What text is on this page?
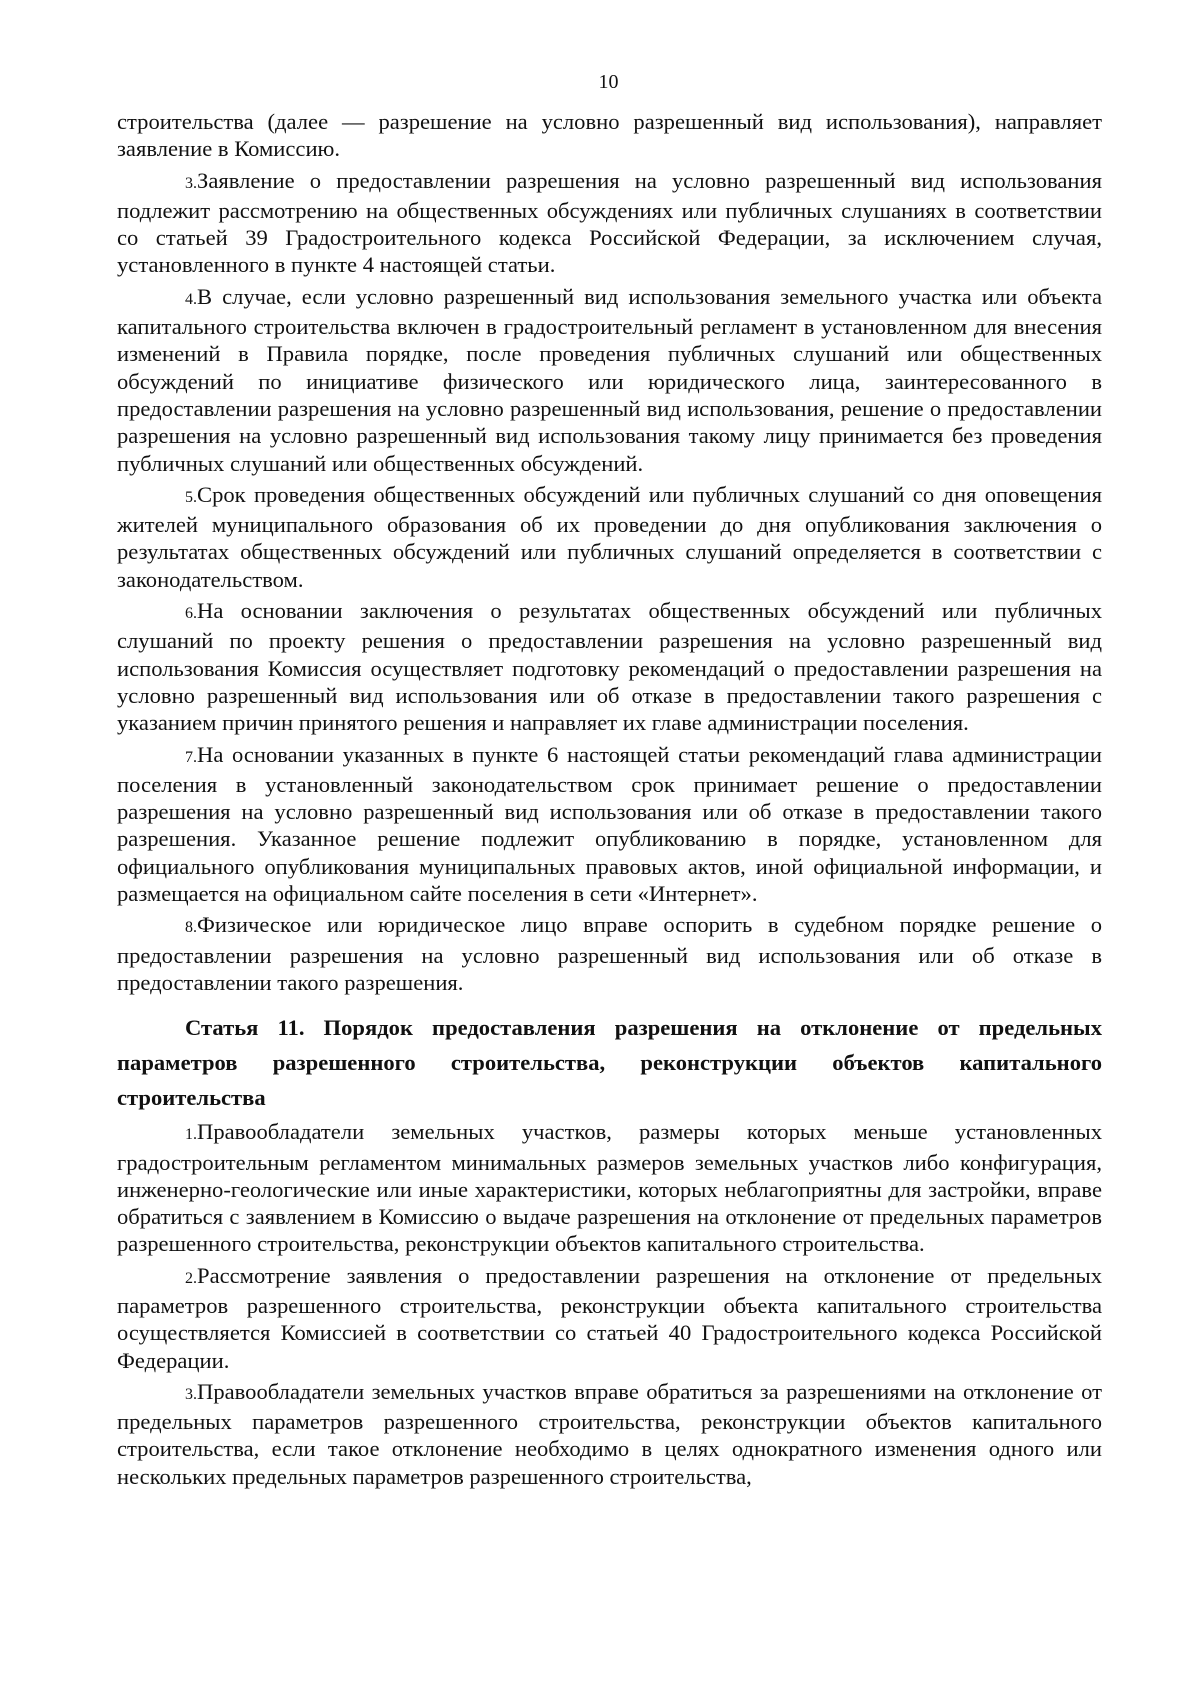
10

строительства (далее — разрешение на условно разрешенный вид использования), направляет заявление в Комиссию.

3.Заявление о предоставлении разрешения на условно разрешенный вид использования подлежит рассмотрению на общественных обсуждениях или публичных слушаниях в соответствии со статьей 39 Градостроительного кодекса Российской Федерации, за исключением случая, установленного в пункте 4 настоящей статьи.

4.В случае, если условно разрешенный вид использования земельного участка или объекта капитального строительства включен в градостроительный регламент в установленном для внесения изменений в Правила порядке, после проведения публичных слушаний или общественных обсуждений по инициативе физического или юридического лица, заинтересованного в предоставлении разрешения на условно разрешенный вид использования, решение о предоставлении разрешения на условно разрешенный вид использования такому лицу принимается без проведения публичных слушаний или общественных обсуждений.

5.Срок проведения общественных обсуждений или публичных слушаний со дня оповещения жителей муниципального образования об их проведении до дня опубликования заключения о результатах общественных обсуждений или публичных слушаний определяется в соответствии с законодательством.

6.На основании заключения о результатах общественных обсуждений или публичных слушаний по проекту решения о предоставлении разрешения на условно разрешенный вид использования Комиссия осуществляет подготовку рекомендаций о предоставлении разрешения на условно разрешенный вид использования или об отказе в предоставлении такого разрешения с указанием причин принятого решения и направляет их главе администрации поселения.

7.На основании указанных в пункте 6 настоящей статьи рекомендаций глава администрации поселения в установленный законодательством срок принимает решение о предоставлении разрешения на условно разрешенный вид использования или об отказе в предоставлении такого разрешения. Указанное решение подлежит опубликованию в порядке, установленном для официального опубликования муниципальных правовых актов, иной официальной информации, и размещается на официальном сайте поселения в сети «Интернет».

8.Физическое или юридическое лицо вправе оспорить в судебном порядке решение о предоставлении разрешения на условно разрешенный вид использования или об отказе в предоставлении такого разрешения.

Статья 11. Порядок предоставления разрешения на отклонение от предельных параметров разрешенного строительства, реконструкции объектов капитального строительства

1.Правообладатели земельных участков, размеры которых меньше установленных градостроительным регламентом минимальных размеров земельных участков либо конфигурация, инженерно-геологические или иные характеристики, которых неблагоприятны для застройки, вправе обратиться с заявлением в Комиссию о выдаче разрешения на отклонение от предельных параметров разрешенного строительства, реконструкции объектов капитального строительства.

2.Рассмотрение заявления о предоставлении разрешения на отклонение от предельных параметров разрешенного строительства, реконструкции объекта капитального строительства осуществляется Комиссией в соответствии со статьей 40 Градостроительного кодекса Российской Федерации.

3.Правообладатели земельных участков вправе обратиться за разрешениями на отклонение от предельных параметров разрешенного строительства, реконструкции объектов капитального строительства, если такое отклонение необходимо в целях однократного изменения одного или нескольких предельных параметров разрешенного строительства,
